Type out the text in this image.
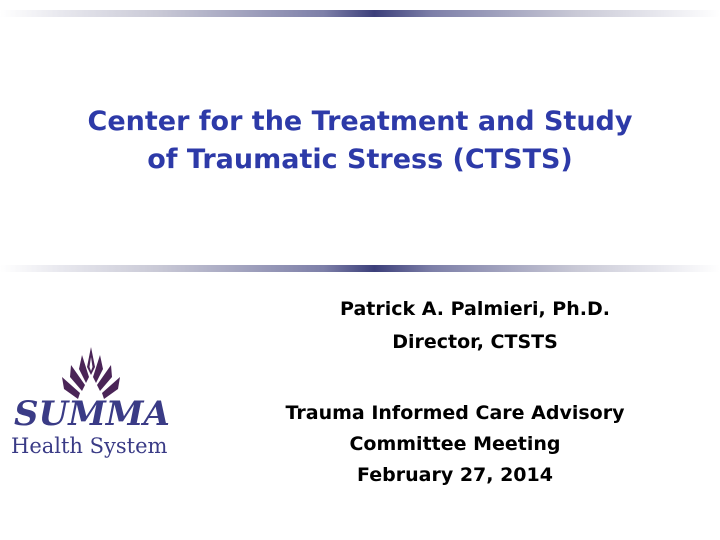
Center for the Treatment and Study
of Traumatic Stress (CTSTS)
Patrick A. Palmieri, Ph.D.
Director, CTSTS
SUMMA
Health System
Trauma Informed Care Advisory
Committee Meeting
February 27, 2014
